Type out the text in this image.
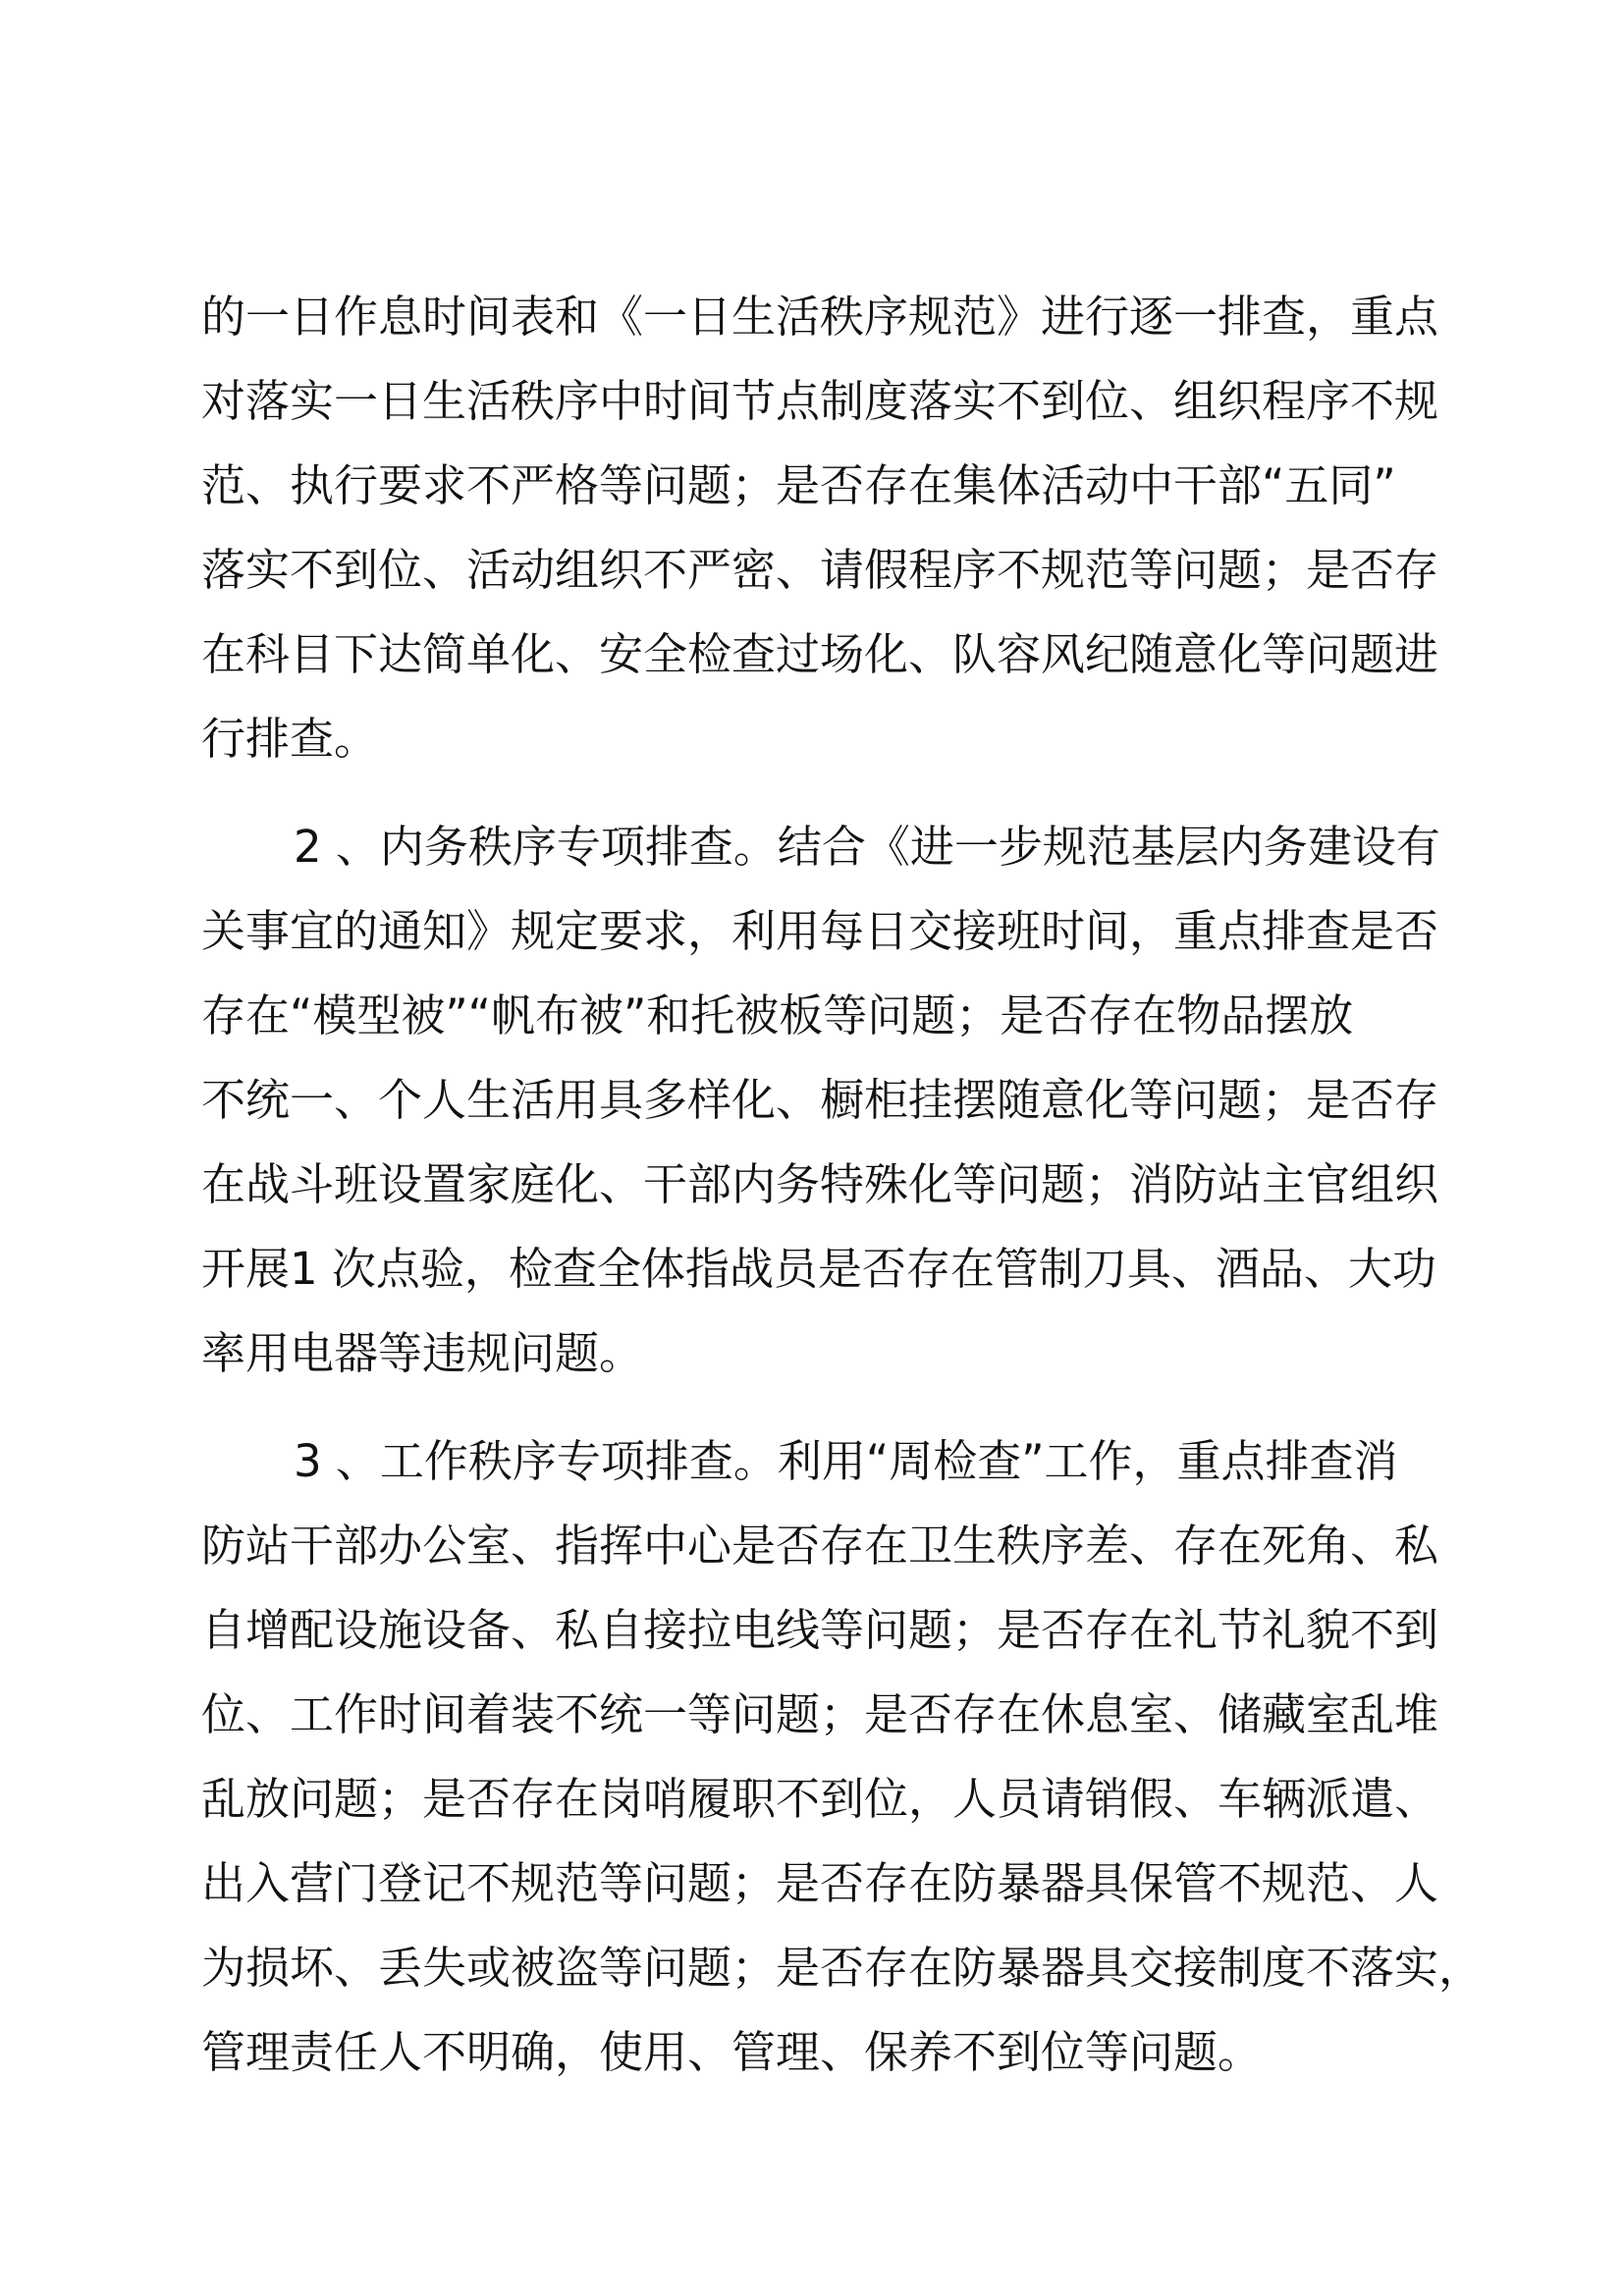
的一日作息时间表和《一日生活秩序规范》进行逐一排查，重点
对落实一日生活秩序中时间节点制度落实不到位、组织程序不规
范、执行要求不严格等问题；是否存在集体活动中干部“五同”
落实不到位、活动组织不严密、请假程序不规范等问题；是否存
在科目下达简单化、安全检查过场化、队容风纪随意化等问题进
行排查。
2 、内务秩序专项排查。结合《进一步规范基层内务建设有
关事宜的通知》规定要求，利用每日交接班时间，重点排查是否
存在“模型被”“帆布被”和托被板等问题；是否存在物品摆放
不统一、个人生活用具多样化、橱柜挂摆随意化等问题；是否存
在战斗班设置家庭化、干部内务特殊化等问题；消防站主官组织
开展1 次点验，检查全体指战员是否存在管制刀具、酒品、大功
率用电器等违规问题。
3 、工作秩序专项排查。利用“周检查”工作，重点排查消
防站干部办公室、指挥中心是否存在卫生秩序差、存在死角、私
自增配设施设备、私自接拉电线等问题；是否存在礼节礼貌不到
位、工作时间着装不统一等问题；是否存在休息室、储藏室乱堆
乱放问题；是否存在岗哨履职不到位，人员请销假、车辆派遣、
出入营门登记不规范等问题；是否存在防暴器具保管不规范、人
为损坏、丢失或被盗等问题；是否存在防暴器具交接制度不落实，
管理责任人不明确，使用、管理、保养不到位等问题。
